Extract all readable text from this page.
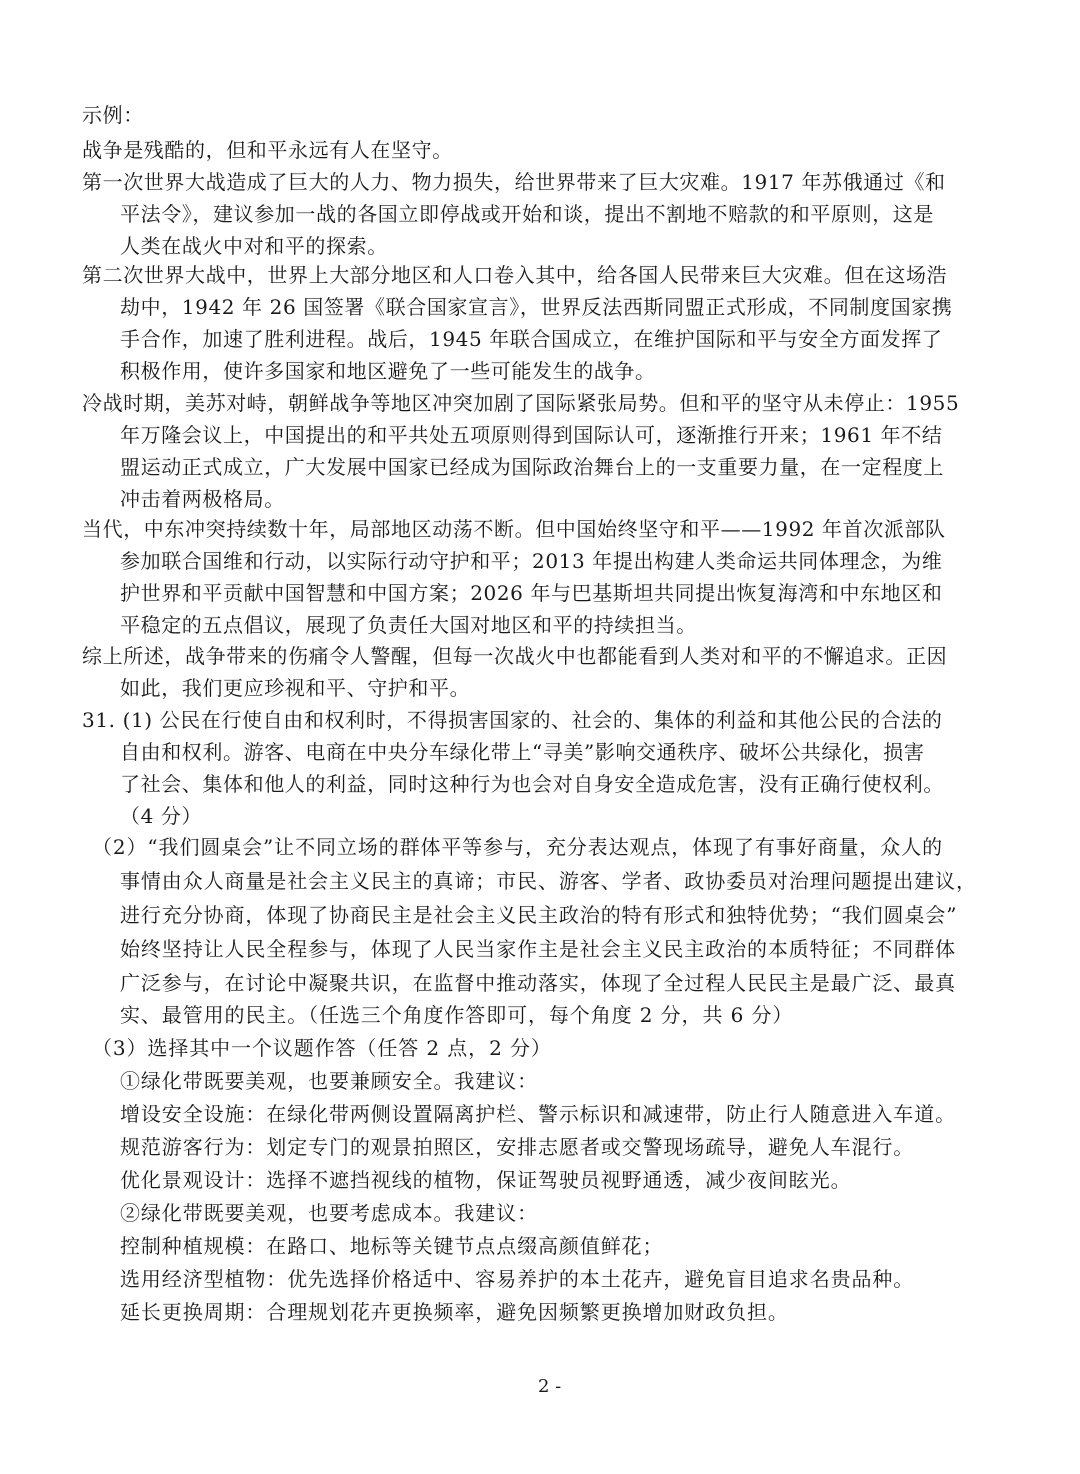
示例：
战争是残酷的，但和平永远有人在坚守。
第一次世界大战造成了巨大的人力、物力损失，给世界带来了巨大灾难。1917 年苏俄通过《和
平法令》，建议参加一战的各国立即停战或开始和谈，提出不割地不赔款的和平原则，这是
人类在战火中对和平的探索。
第二次世界大战中，世界上大部分地区和人口卷入其中，给各国人民带来巨大灾难。但在这场浩
劫中，1942 年 26 国签署《联合国家宣言》，世界反法西斯同盟正式形成，不同制度国家携
手合作，加速了胜利进程。战后，1945 年联合国成立，在维护国际和平与安全方面发挥了
积极作用，使许多国家和地区避免了一些可能发生的战争。
冷战时期，美苏对峙，朝鲜战争等地区冲突加剧了国际紧张局势。但和平的坚守从未停止：1955
年万隆会议上，中国提出的和平共处五项原则得到国际认可，逐渐推行开来；1961 年不结
盟运动正式成立，广大发展中国家已经成为国际政治舞台上的一支重要力量，在一定程度上
冲击着两极格局。
当代，中东冲突持续数十年，局部地区动荡不断。但中国始终坚守和平——1992 年首次派部队
参加联合国维和行动，以实际行动守护和平；2013 年提出构建人类命运共同体理念，为维
护世界和平贡献中国智慧和中国方案；2026 年与巴基斯坦共同提出恢复海湾和中东地区和
平稳定的五点倡议，展现了负责任大国对地区和平的持续担当。
综上所述，战争带来的伤痛令人警醒，但每一次战火中也都能看到人类对和平的不懈追求。正因
如此，我们更应珍视和平、守护和平。
31. (1) 公民在行使自由和权利时，不得损害国家的、社会的、集体的利益和其他公民的合法的
自由和权利。游客、电商在中央分车绿化带上“寻美”影响交通秩序、破坏公共绿化，损害
了社会、集体和他人的利益，同时这种行为也会对自身安全造成危害，没有正确行使权利。
（4 分）
（2）“我们圆桌会”让不同立场的群体平等参与，充分表达观点，体现了有事好商量，众人的
事情由众人商量是社会主义民主的真谛；市民、游客、学者、政协委员对治理问题提出建议，
进行充分协商，体现了协商民主是社会主义民主政治的特有形式和独特优势；“我们圆桌会”
始终坚持让人民全程参与，体现了人民当家作主是社会主义民主政治的本质特征；不同群体
广泛参与，在讨论中凝聚共识，在监督中推动落实，体现了全过程人民民主是最广泛、最真
实、最管用的民主。（任选三个角度作答即可，每个角度 2 分，共 6 分）
（3）选择其中一个议题作答（任答 2 点，2 分）
①绿化带既要美观，也要兼顾安全。我建议：
增设安全设施：在绿化带两侧设置隔离护栏、警示标识和减速带，防止行人随意进入车道。
规范游客行为：划定专门的观景拍照区，安排志愿者或交警现场疏导，避免人车混行。
优化景观设计：选择不遮挡视线的植物，保证驾驶员视野通透，减少夜间眩光。
②绿化带既要美观，也要考虑成本。我建议：
控制种植规模：在路口、地标等关键节点点缀高颜值鲜花；
选用经济型植物：优先选择价格适中、容易养护的本土花卉，避免盲目追求名贵品种。
延长更换周期：合理规划花卉更换频率，避免因频繁更换增加财政负担。
2 -
